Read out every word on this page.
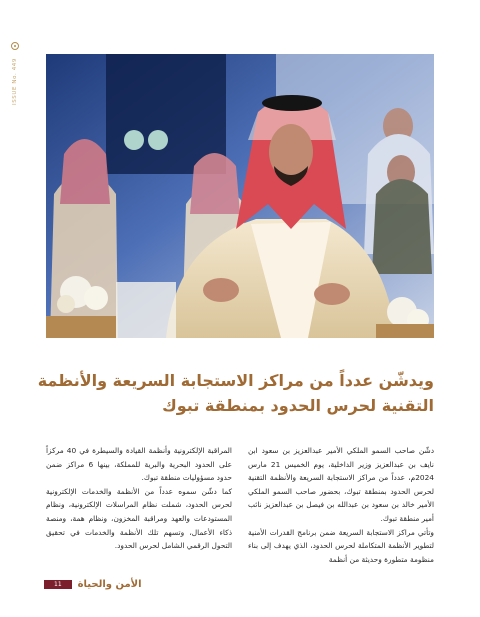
ISSUE No. 449
ويدشّن عدداً من مراكز الاستجابة السريعة والأنظمة
التقنية لحرس الحدود بمنطقة تبوك

دشّن صاحب السمو الملكي الأمير عبدالعزيز بن سعود ابن نايف بن عبدالعزيز وزير الداخلية، يوم الخميس 21 مارس 2024م، عدداً من مراكز الاستجابة السريعة والأنظمة التقنية لحرس الحدود بمنطقة تبوك، بحضور صاحب السمو الملكي الأمير خالد بن سعود بن عبدالله بن فيصل بن عبدالعزيز نائب أمير منطقة تبوك.

وتأتي مراكز الاستجابة السريعة ضمن برنامج القدرات الأمنية لتطوير الأنظمة المتكاملة لحرس الحدود، الذي يهدف إلى بناء منظومة متطورة وحديثة من أنظمة

المراقبة الإلكترونية وأنظمة القيادة والسيطرة في 40 مركزاً على الحدود البحرية والبرية للمملكة، بينها 6 مراكز ضمن حدود مسؤوليات منطقة تبوك.

كما دشّن سموه عدداً من الأنظمة والخدمات الإلكترونية لحرس الحدود، شملت نظام المراسلات الإلكترونية، ونظام المستودعات والعهد ومراقبة المخزون، ونظام همة، ومنصة ذكاء الأعمال، وتسهم تلك الأنظمة والخدمات في تحقيق التحول الرقمي الشامل لحرس الحدود.

11	الأمن والحياة
